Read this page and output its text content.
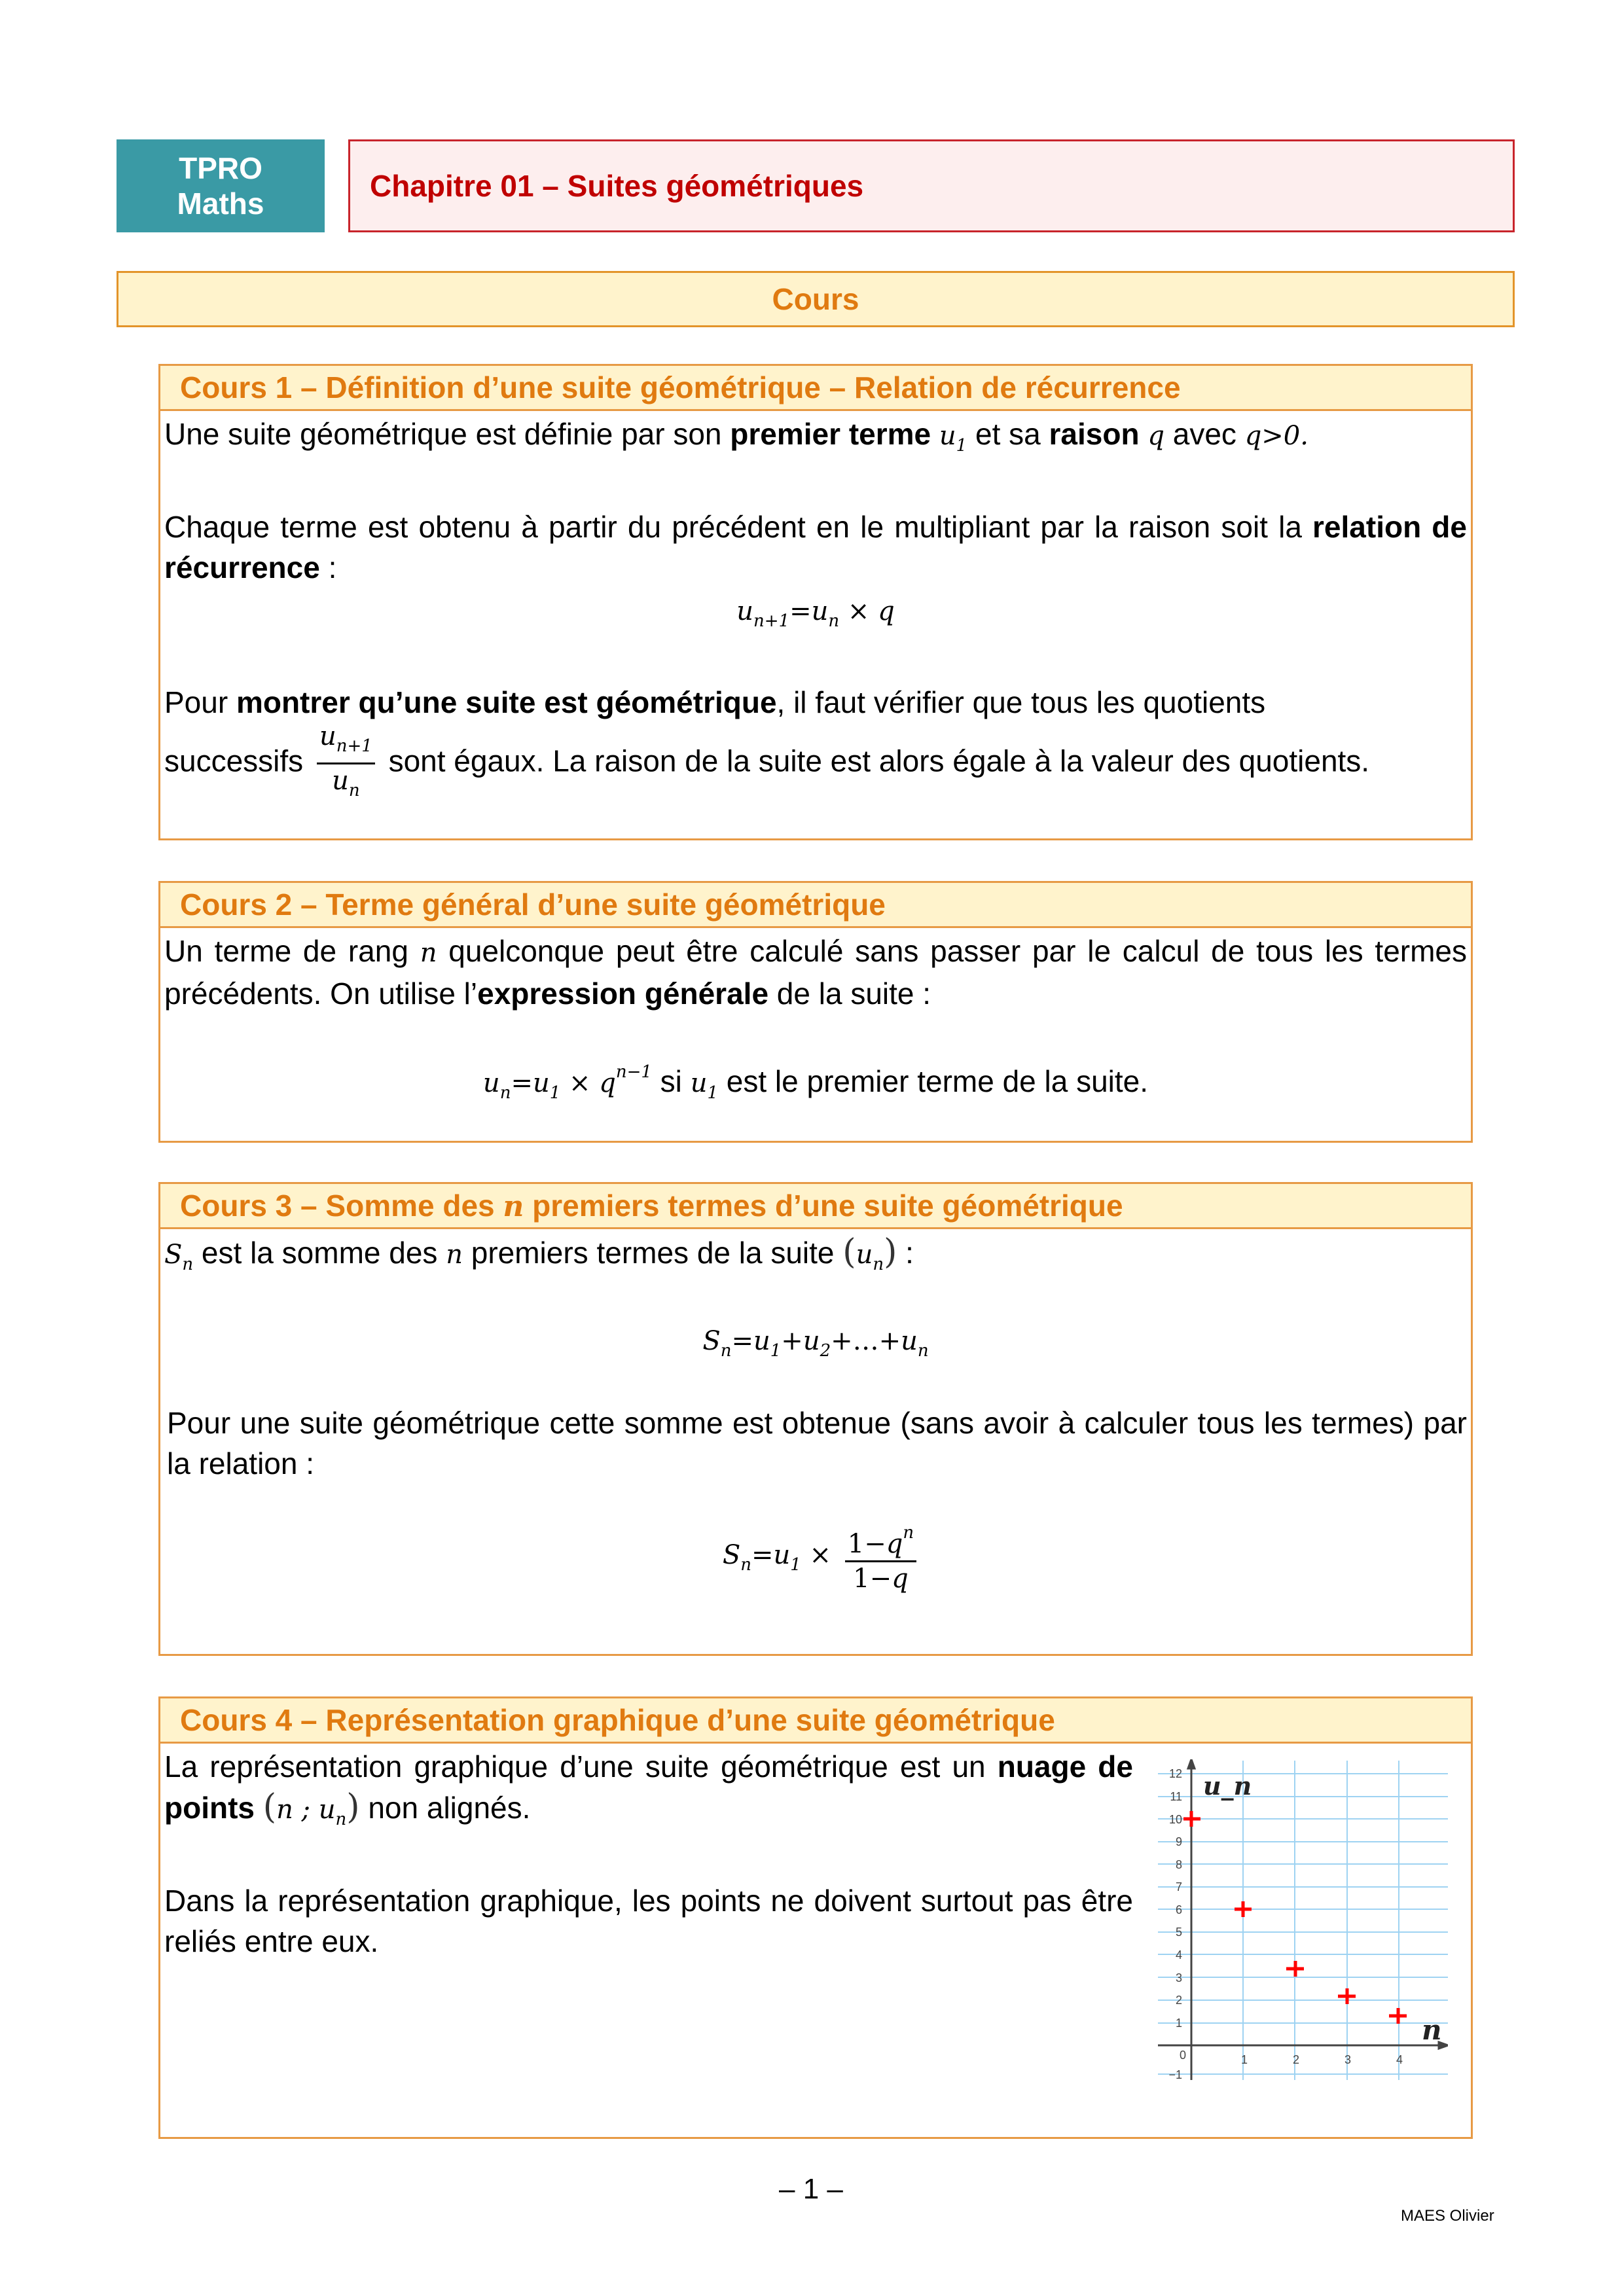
TPRO
Maths
Chapitre 01 – Suites géométriques
Cours
Cours 1 – Définition d’une suite géométrique – Relation de récurrence

Une suite géométrique est définie par son premier terme $u_1$ et sa raison q avec q>0.

Chaque terme est obtenu à partir du précédent en le multipliant par la raison soit la relation de récurrence :

$u_{n+1}=u_n \times q$

Pour montrer qu’une suite est géométrique, il faut vérifier que tous les quotients

successifs $\frac{u_{n+1}}{u_n}$ sont égaux. La raison de la suite est alors égale à la valeur des quotients.

Cours 2 – Terme général d’une suite géométrique

Un terme de rang n quelconque peut être calculé sans passer par le calcul de tous les termes précédents. On utilise l’expression générale de la suite :

$u_n=u_1 \times q^{n-1}$ si $u_1$ est le premier terme de la suite.
Cours 3 – Somme des n premiers termes d’une suite géométrique

$S_n$ est la somme des n premiers termes de la suite $(u_n)$ :

$S_n=u_1+u_2+\dots+u_n$

Pour une suite géométrique cette somme est obtenue (sans avoir à calculer tous les termes) par la relation :

$S_n=u_1 \times \frac{1-q^n}{1-q}$
Cours 4 – Représentation graphique d’une suite géométrique

La représentation graphique d’une suite géométrique est un nuage de points (n ; $u_n$) non alignés.

Dans la représentation graphique, les points ne doivent surtout pas être reliés entre eux.

12
11
10
9
8
7
6
5
4
3
2
1
0
−1
1	2	3	4
u_n
n
– 1 –
MAES Olivier
